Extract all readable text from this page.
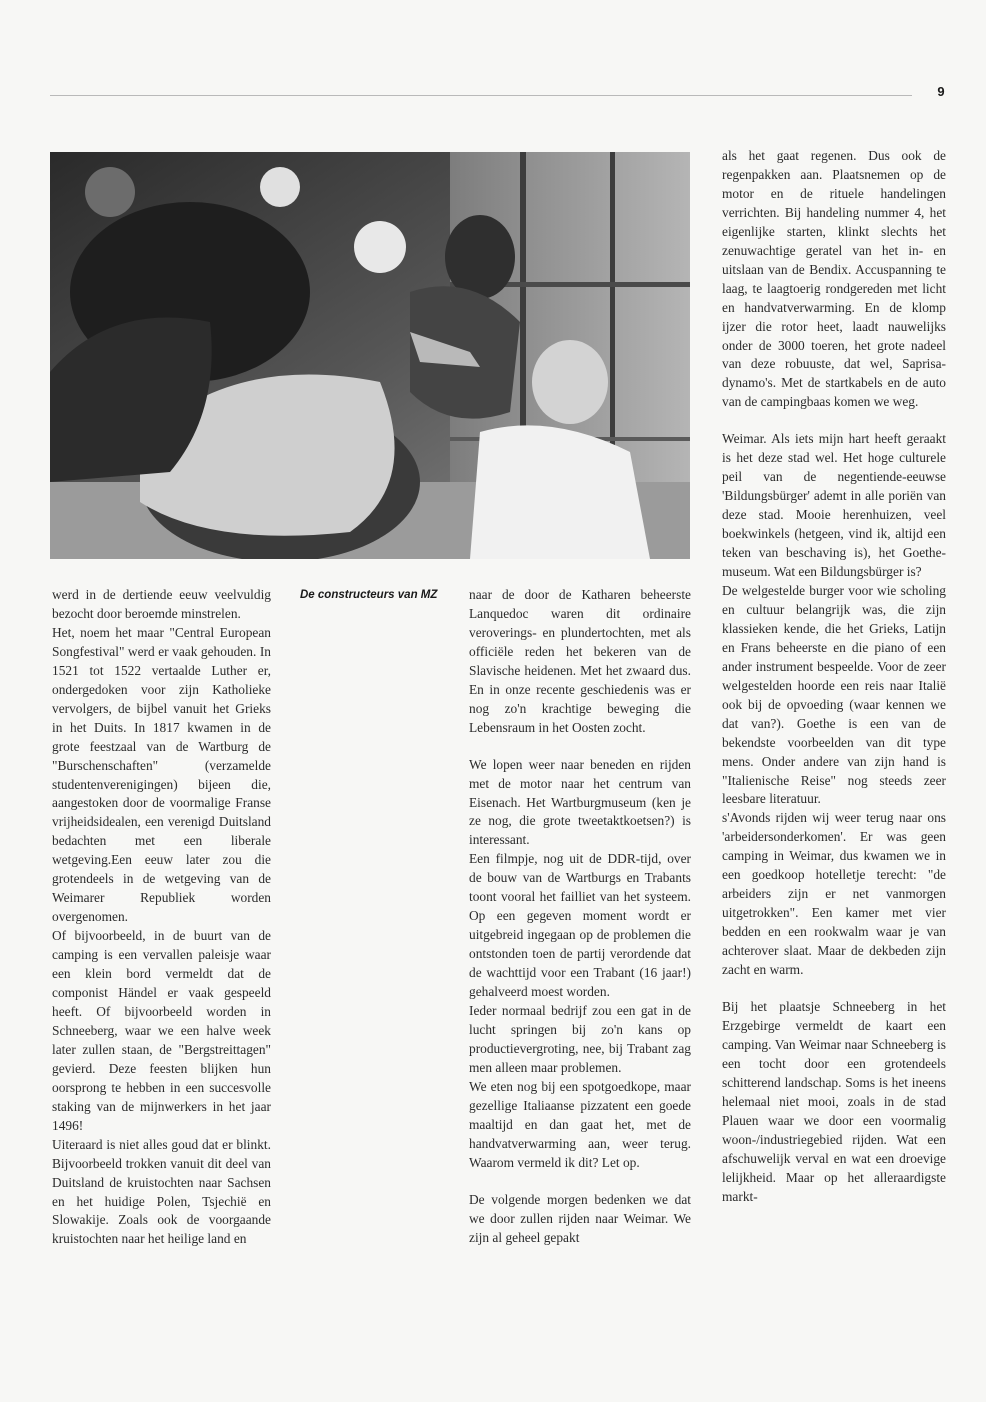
9
De constructeurs van MZ

werd in de dertiende eeuw veelvuldig bezocht door beroemde minstrelen.

Het, noem het maar "Central European Songfestival" werd er vaak gehouden. In 1521 tot 1522 vertaalde Luther er, ondergedoken voor zijn Katholieke vervolgers, de bijbel vanuit het Grieks in het Duits. In 1817 kwamen in de grote feestzaal van de Wartburg de "Burschenschaften" (verzamelde studentenverenigingen) bijeen die, aangestoken door de voormalige Franse vrijheidsidealen, een verenigd Duitsland bedachten met een liberale wetgeving.Een eeuw later zou die grotendeels in de wetgeving van de Weimarer Republiek worden overgenomen.

Of bijvoorbeeld, in de buurt van de camping is een vervallen paleisje waar een klein bord vermeldt dat de componist Händel er vaak gespeeld heeft. Of bijvoorbeeld worden in Schneeberg, waar we een halve week later zullen staan, de "Bergstreittagen" gevierd. Deze feesten blijken hun oorsprong te hebben in een succesvolle staking van de mijnwerkers in het jaar 1496!

Uiteraard is niet alles goud dat er blinkt. Bijvoorbeeld trokken vanuit dit deel van Duitsland de kruistochten naar Sachsen en het huidige Polen, Tsjechië en Slowakije. Zoals ook de voorgaande kruistochten naar het heilige land en

naar de door de Katharen beheerste Lanquedoc waren dit ordinaire veroverings- en plundertochten, met als officiële reden het bekeren van de Slavische heidenen. Met het zwaard dus. En in onze recente geschiedenis was er nog zo'n krachtige beweging die Lebensraum in het Oosten zocht.

We lopen weer naar beneden en rijden met de motor naar het centrum van Eisenach. Het Wartburgmuseum (ken je ze nog, die grote tweetaktkoetsen?) is interessant.

Een filmpje, nog uit de DDR-tijd, over de bouw van de Wartburgs en Trabants toont vooral het failliet van het systeem. Op een gegeven moment wordt er uitgebreid ingegaan op de problemen die ontstonden toen de partij verordende dat de wachttijd voor een Trabant (16 jaar!) gehalveerd moest worden.

Ieder normaal bedrijf zou een gat in de lucht springen bij zo'n kans op productievergroting, nee, bij Trabant zag men alleen maar problemen.

We eten nog bij een spotgoedkope, maar gezellige Italiaanse pizzatent een goede maaltijd en dan gaat het, met de handvatverwarming aan, weer terug. Waarom vermeld ik dit? Let op.

De volgende morgen bedenken we dat we door zullen rijden naar Weimar. We zijn al geheel gepakt

als het gaat regenen. Dus ook de regenpakken aan. Plaatsnemen op de motor en de rituele handelingen verrichten. Bij handeling nummer 4, het eigenlijke starten, klinkt slechts het zenuwachtige geratel van het in- en uitslaan van de Bendix. Accuspanning te laag, te laagtoerig rondgereden met licht en handvatverwarming. En de klomp ijzer die rotor heet, laadt nauwelijks onder de 3000 toeren, het grote nadeel van deze robuuste, dat wel, Saprisa-dynamo's. Met de startkabels en de auto van de campingbaas komen we weg.

Weimar. Als iets mijn hart heeft geraakt is het deze stad wel. Het hoge culturele peil van de negentiende-eeuwse 'Bildungsbürger' ademt in alle poriën van deze stad. Mooie herenhuizen, veel boekwinkels (hetgeen, vind ik, altijd een teken van beschaving is), het Goethe-museum. Wat een Bildungsbürger is?

De welgestelde burger voor wie scholing en cultuur belangrijk was, die zijn klassieken kende, die het Grieks, Latijn en Frans beheerste en die piano of een ander instrument bespeelde. Voor de zeer welgestelden hoorde een reis naar Italië ook bij de opvoeding (waar kennen we dat van?). Goethe is een van de bekendste voorbeelden van dit type mens. Onder andere van zijn hand is "Italienische Reise" nog steeds zeer leesbare literatuur.

s'Avonds rijden wij weer terug naar ons 'arbeidersonderkomen'. Er was geen camping in Weimar, dus kwamen we in een goedkoop hotelletje terecht: "de arbeiders zijn er net vanmorgen uitgetrokken". Een kamer met vier bedden en een rookwalm waar je van achterover slaat. Maar de dekbeden zijn zacht en warm.

Bij het plaatsje Schneeberg in het Erzgebirge vermeldt de kaart een camping. Van Weimar naar Schneeberg is een tocht door een grotendeels schitterend landschap. Soms is het ineens helemaal niet mooi, zoals in de stad Plauen waar we door een voormalig woon-/industriegebied rijden. Wat een afschuwelijk verval en wat een droevige lelijkheid. Maar op het alleraardigste markt-
